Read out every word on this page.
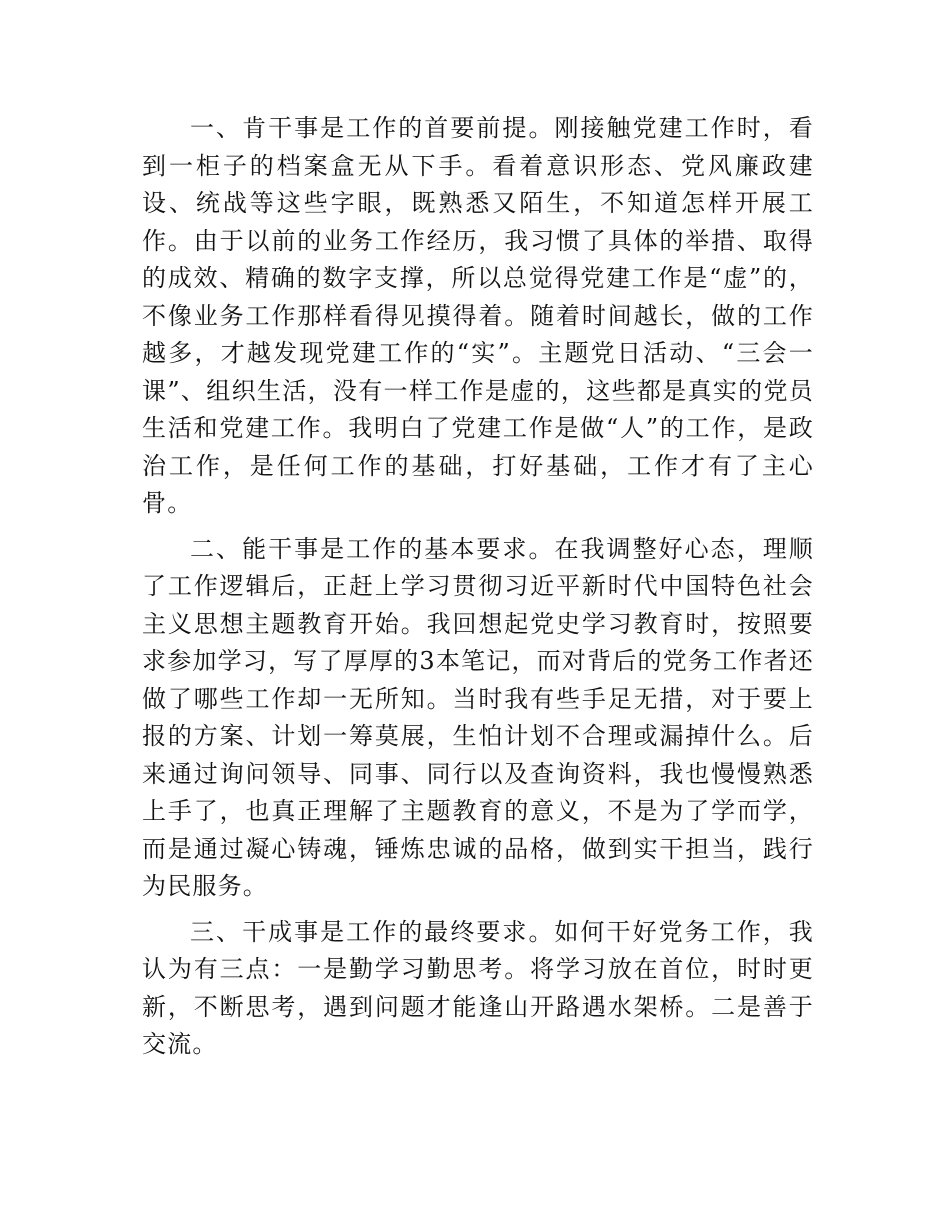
一、肯干事是工作的首要前提。刚接触党建工作时，看到一柜子的档案盒无从下手。看着意识形态、党风廉政建设、统战等这些字眼，既熟悉又陌生，不知道怎样开展工作。由于以前的业务工作经历，我习惯了具体的举措、取得的成效、精确的数字支撑，所以总觉得党建工作是“虚”的，不像业务工作那样看得见摸得着。随着时间越长，做的工作越多，才越发现党建工作的“实”。主题党日活动、“三会一课”、组织生活，没有一样工作是虚的，这些都是真实的党员生活和党建工作。我明白了党建工作是做“人”的工作，是政治工作，是任何工作的基础，打好基础，工作才有了主心骨。

二、能干事是工作的基本要求。在我调整好心态，理顺了工作逻辑后，正赶上学习贯彻习近平新时代中国特色社会主义思想主题教育开始。我回想起党史学习教育时，按照要求参加学习，写了厚厚的3本笔记，而对背后的党务工作者还做了哪些工作却一无所知。当时我有些手足无措，对于要上报的方案、计划一筹莫展，生怕计划不合理或漏掉什么。后来通过询问领导、同事、同行以及查询资料，我也慢慢熟悉上手了，也真正理解了主题教育的意义，不是为了学而学，而是通过凝心铸魂，锤炼忠诚的品格，做到实干担当，践行为民服务。

三、干成事是工作的最终要求。如何干好党务工作，我认为有三点：一是勤学习勤思考。将学习放在首位，时时更新，不断思考，遇到问题才能逢山开路遇水架桥。二是善于交流。
